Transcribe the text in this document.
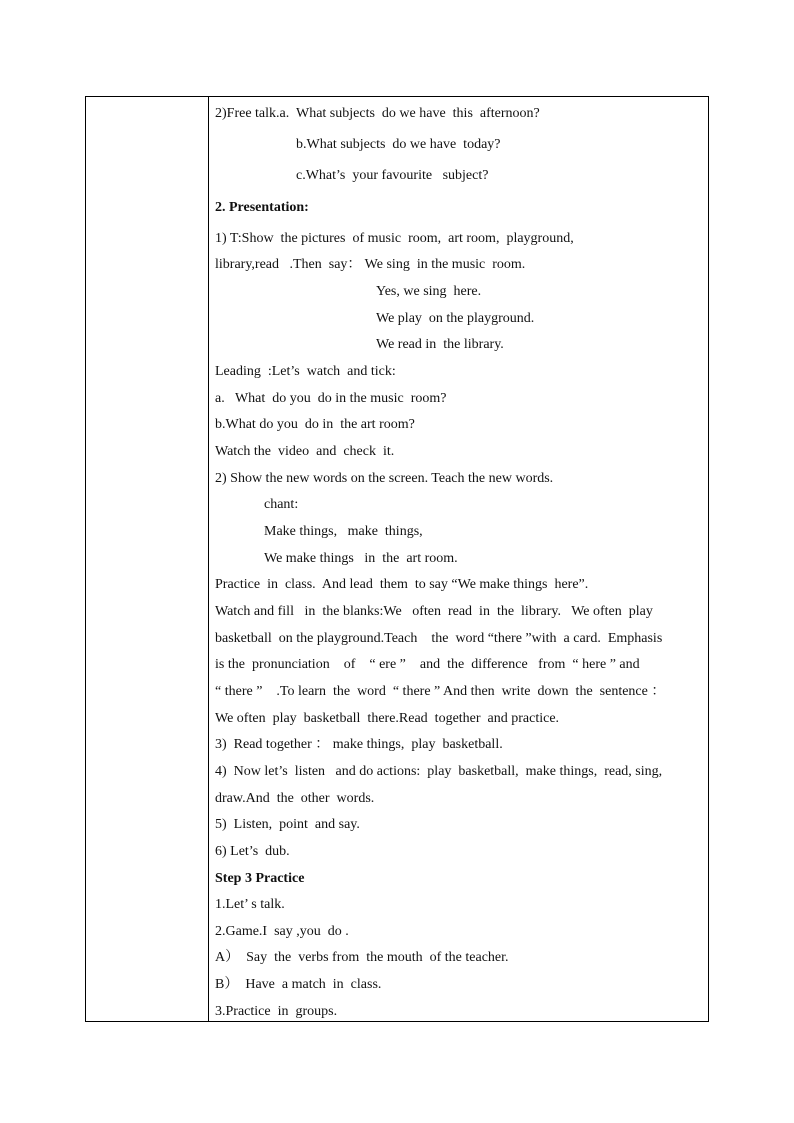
2)Free talk.a.  What subjects  do we have  this  afternoon?
b.What subjects  do we have  today?
c.What’s  your favourite   subject?
2. Presentation:
1) T:Show  the pictures  of music  room,  art room,  playground,
library,read   .Then  say： We sing  in the music  room.
Yes, we sing  here.
We play  on the playground.
We read in  the library.
Leading  :Let’s  watch  and tick:
a.   What  do you  do in the music  room?
b.What do you  do in  the art room?
Watch the  video  and  check  it.
2) Show the new words on the screen. Teach the new words.
chant:
Make things,   make  things,
We make things   in  the  art room.
Practice  in  class.  And lead  them  to say “We make things  here”.
Watch and fill   in  the blanks:We   often  read  in  the  library.   We often  play
basketball  on the playground.Teach    the  word “there ”with  a card.  Emphasis
is the  pronunciation    of    “ ere ”    and  the  difference   from  “ here ” and
“ there ”    .To learn  the  word  “ there ” And then  write  down  the  sentence ：
We often  play  basketball  there.Read  together  and practice.
3)  Read together ： make things,  play  basketball.
4)  Now let’s  listen   and do actions:  play  basketball,  make things,  read, sing,
draw.And  the  other  words.
5)  Listen,  point  and say.
6) Let’s  dub.
Step 3 Practice
1.Let’ s talk.
2.Game.I  say ,you  do .
A）  Say  the  verbs from  the mouth  of the teacher.
B）  Have  a match  in  class.
3.Practice  in  groups.
